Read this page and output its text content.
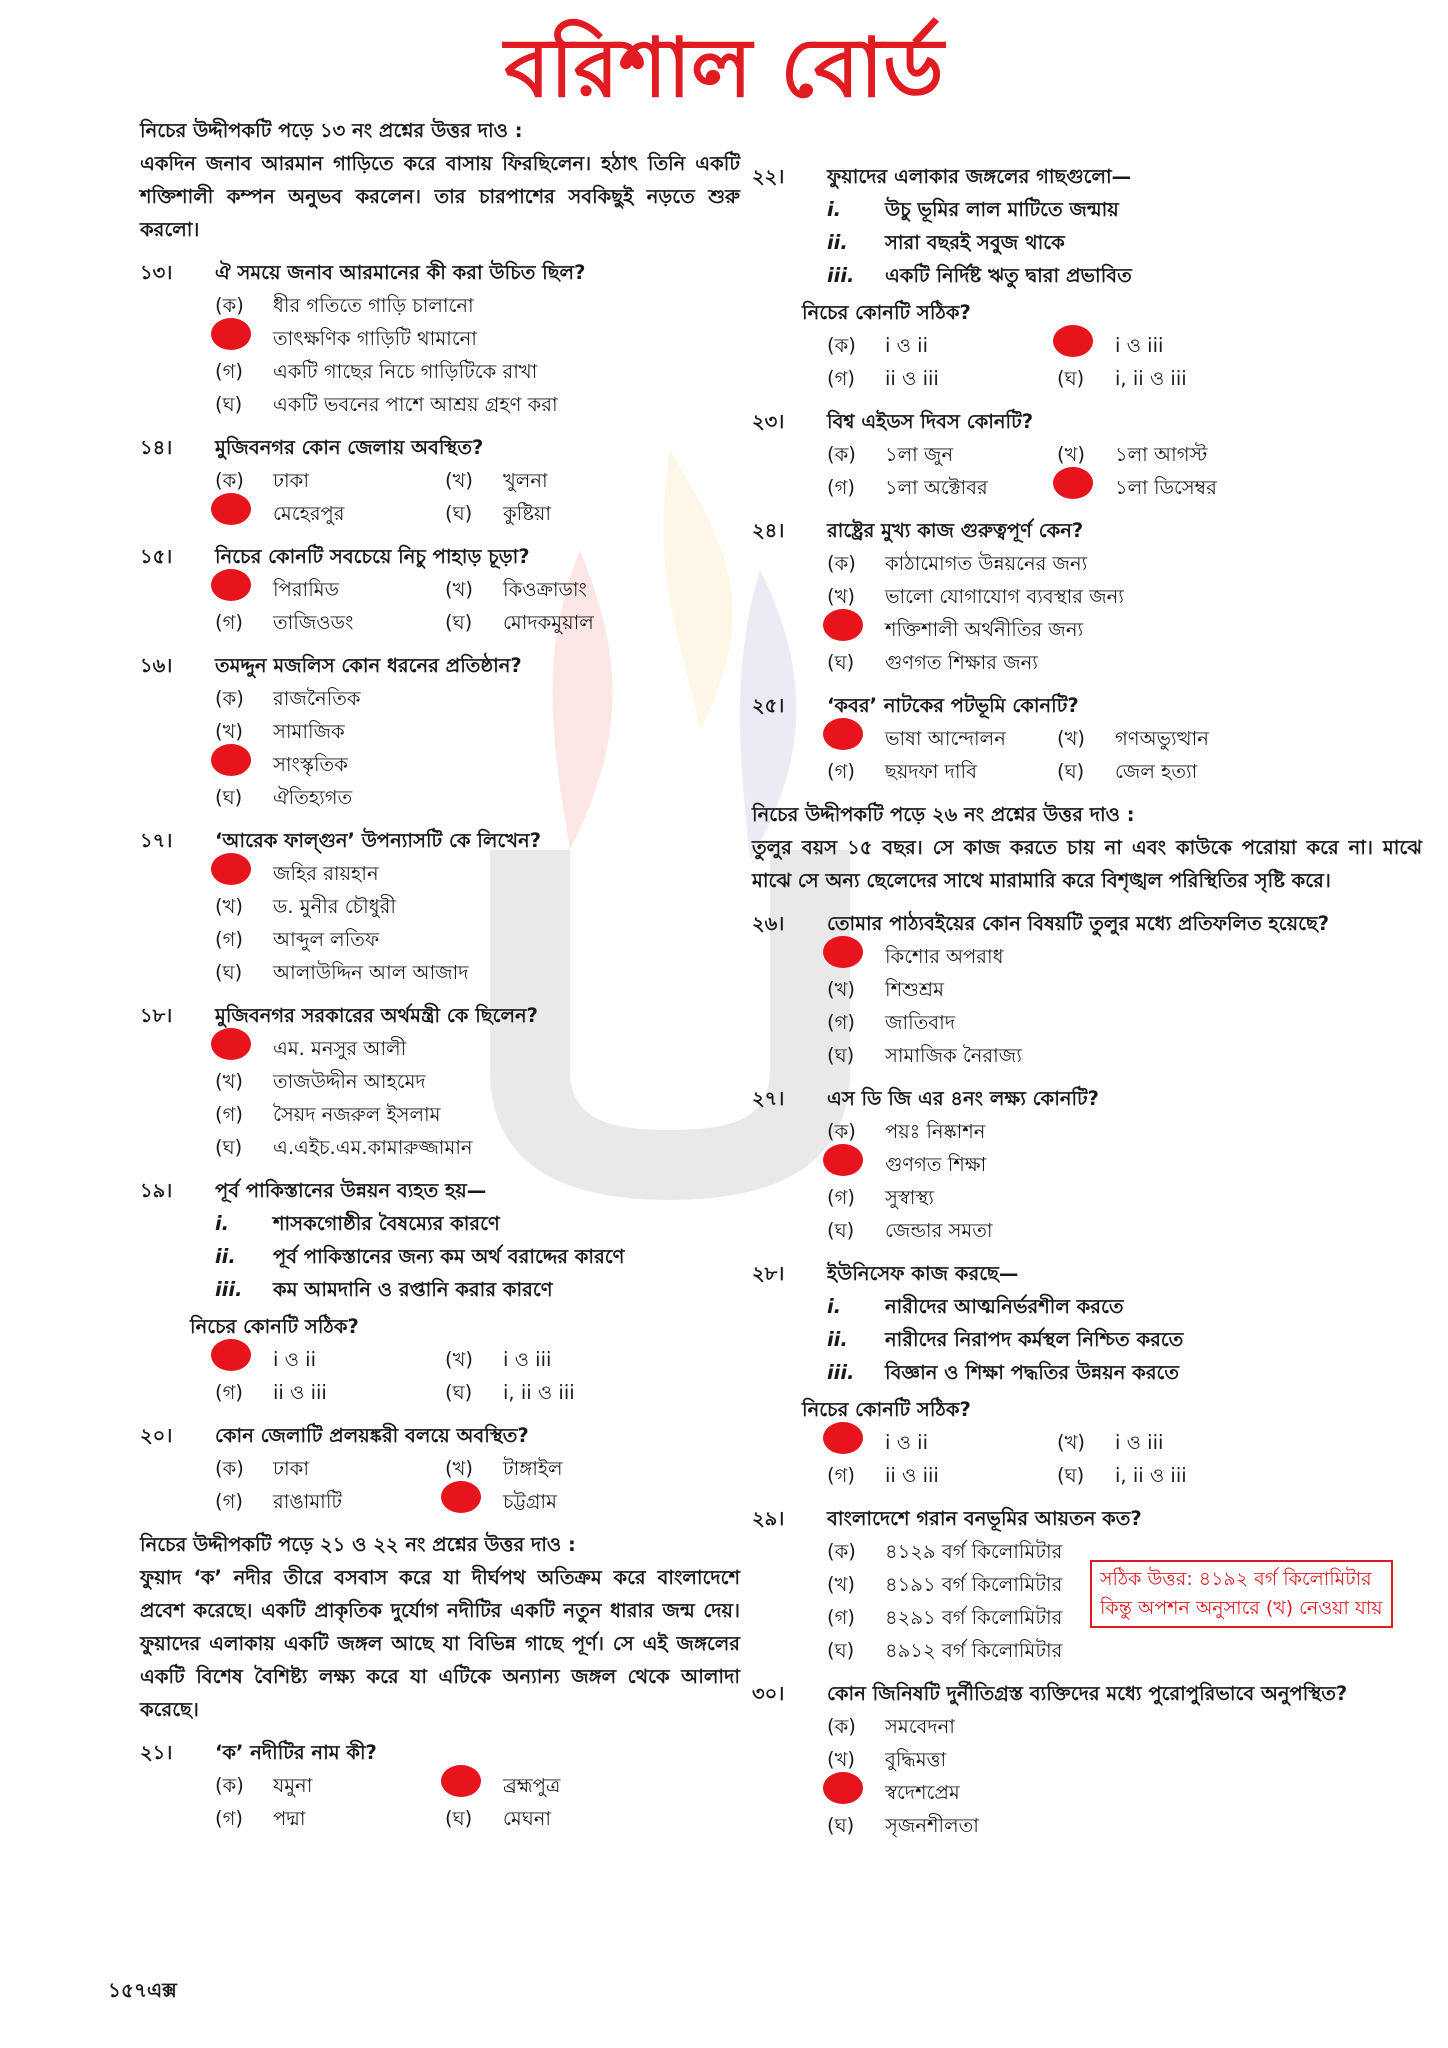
বরিশাল বোর্ড
নিচের উদ্দীপকটি পড়ে ১৩ নং প্রশ্নের উত্তর দাও :
একদিন জনাব আরমান গাড়িতে করে বাসায় ফিরছিলেন। হঠাৎ তিনি একটি শক্তিশালী কম্পন অনুভব করলেন। তার চারপাশের সবকিছুই নড়তে শুরু করলো।
১৩। ঐ সময়ে জনাব আরমানের কী করা উচিত ছিল?
(ক)	ধীর গতিতে গাড়ি চালানো
তাৎক্ষণিক গাড়িটি থামানো
(গ)	একটি গাছের নিচে গাড়িটিকে রাখা
(ঘ)	একটি ভবনের পাশে আশ্রয় গ্রহণ করা
১৪। মুজিবনগর কোন জেলায় অবস্থিত?
(ক)	ঢাকা	(খ)	খুলনা
মেহেরপুর	(ঘ)	কুষ্টিয়া
১৫। নিচের কোনটি সবচেয়ে নিচু পাহাড় চূড়া?
পিরামিড	(খ)	কিওক্রাডাং
(গ)	তাজিওডং	(ঘ)	মোদকমুয়াল
১৬। তমদ্দুন মজলিস কোন ধরনের প্রতিষ্ঠান?
(ক)	রাজনৈতিক
(খ)	সামাজিক
সাংস্কৃতিক
(ঘ)	ঐতিহ্যগত
১৭। ‘আরেক ফাল্গুন’ উপন্যাসটি কে লিখেন?
জহির রায়হান
(খ)	ড. মুনীর চৌধুরী
(গ)	আব্দুল লতিফ
(ঘ)	আলাউদ্দিন আল আজাদ
১৮। মুজিবনগর সরকারের অর্থমন্ত্রী কে ছিলেন?
এম. মনসুর আলী
(খ)	তাজউদ্দীন আহমেদ
(গ)	সৈয়দ নজরুল ইসলাম
(ঘ)	এ.এইচ.এম.কামারুজ্জামান
১৯। পূর্ব পাকিস্তানের উন্নয়ন ব্যহত হয়—
i.	শাসকগোষ্ঠীর বৈষম্যের কারণে
ii.	পূর্ব পাকিস্তানের জন্য কম অর্থ বরাদ্দের কারণে
iii.	কম আমদানি ও রপ্তানি করার কারণে
নিচের কোনটি সঠিক?
i ও ii	(খ)	i ও iii
(গ)	ii ও iii	(ঘ)	i, ii ও iii
২০। কোন জেলাটি প্রলয়ঙ্করী বলয়ে অবস্থিত?
(ক)	ঢাকা	(খ)	টাঙ্গাইল
(গ)	রাঙামাটি	চট্টগ্রাম
নিচের উদ্দীপকটি পড়ে ২১ ও ২২ নং প্রশ্নের উত্তর দাও :
ফুয়াদ ‘ক’ নদীর তীরে বসবাস করে যা দীর্ঘপথ অতিক্রম করে বাংলাদেশে প্রবেশ করেছে। একটি প্রাকৃতিক দুর্যোগ নদীটির একটি নতুন ধারার জন্ম দেয়। ফুয়াদের এলাকায় একটি জঙ্গল আছে যা বিভিন্ন গাছে পূর্ণ। সে এই জঙ্গলের একটি বিশেষ বৈশিষ্ট্য লক্ষ্য করে যা এটিকে অন্যান্য জঙ্গল থেকে আলাদা করেছে।
২১। ‘ক’ নদীটির নাম কী?
(ক)	যমুনা	ব্রহ্মপুত্র
(গ)	পদ্মা	(ঘ)	মেঘনা
২২। ফুয়াদের এলাকার জঙ্গলের গাছগুলো—
i.	উচু ভূমির লাল মাটিতে জন্মায়
ii.	সারা বছরই সবুজ থাকে
iii.	একটি নির্দিষ্ট ঋতু দ্বারা প্রভাবিত
নিচের কোনটি সঠিক?
(ক)	i ও ii	i ও iii
(গ)	ii ও iii	(ঘ)	i, ii ও iii
২৩। বিশ্ব এইডস দিবস কোনটি?
(ক)	১লা জুন	(খ)	১লা আগস্ট
(গ)	১লা অক্টোবর	১লা ডিসেম্বর
২৪। রাষ্ট্রের মুখ্য কাজ গুরুত্বপূর্ণ কেন?
(ক)	কাঠামোগত উন্নয়নের জন্য
(খ)	ভালো যোগাযোগ ব্যবস্থার জন্য
শক্তিশালী অর্থনীতির জন্য
(ঘ)	গুণগত শিক্ষার জন্য
২৫। ‘কবর’ নাটকের পটভূমি কোনটি?
ভাষা আন্দোলন	(খ)	গণঅভ্যুত্থান
(গ)	ছয়দফা দাবি	(ঘ)	জেল হত্যা
নিচের উদ্দীপকটি পড়ে ২৬ নং প্রশ্নের উত্তর দাও :
তুলুর বয়স ১৫ বছর। সে কাজ করতে চায় না এবং কাউকে পরোয়া করে না। মাঝে মাঝে সে অন্য ছেলেদের সাথে মারামারি করে বিশৃঙ্খল পরিস্থিতির সৃষ্টি করে।
২৬। তোমার পাঠ্যবইয়ের কোন বিষয়টি তুলুর মধ্যে প্রতিফলিত হয়েছে?
কিশোর অপরাধ
(খ)	শিশুশ্রম
(গ)	জাতিবাদ
(ঘ)	সামাজিক নৈরাজ্য
২৭। এস ডি জি এর ৪নং লক্ষ্য কোনটি?
(ক)	পয়ঃ নিষ্কাশন
গুণগত শিক্ষা
(গ)	সুস্বাস্থ্য
(ঘ)	জেন্ডার সমতা
২৮। ইউনিসেফ কাজ করছে—
i.	নারীদের আত্মনির্ভরশীল করতে
ii.	নারীদের নিরাপদ কর্মস্থল নিশ্চিত করতে
iii.	বিজ্ঞান ও শিক্ষা পদ্ধতির উন্নয়ন করতে
নিচের কোনটি সঠিক?
i ও ii	(খ)	i ও iii
(গ)	ii ও iii	(ঘ)	i, ii ও iii
২৯। বাংলাদেশে গরান বনভূমির আয়তন কত?
(ক)	৪১২৯ বর্গ কিলোমিটার
(খ)	৪১৯১ বর্গ কিলোমিটার
(গ)	৪২৯১ বর্গ কিলোমিটার
(ঘ)	৪৯১২ বর্গ কিলোমিটার
৩০। কোন জিনিষটি দুর্নীতিগ্রস্ত ব্যক্তিদের মধ্যে পুরোপুরিভাবে অনুপস্থিত?
(ক)	সমবেদনা
(খ)	বুদ্ধিমত্তা
স্বদেশপ্রেম
(ঘ)	সৃজনশীলতা
সঠিক উত্তর: ৪১৯২ বর্গ কিলোমিটার
কিন্তু অপশন অনুসারে (খ) নেওয়া যায়
১৫৭এক্স
